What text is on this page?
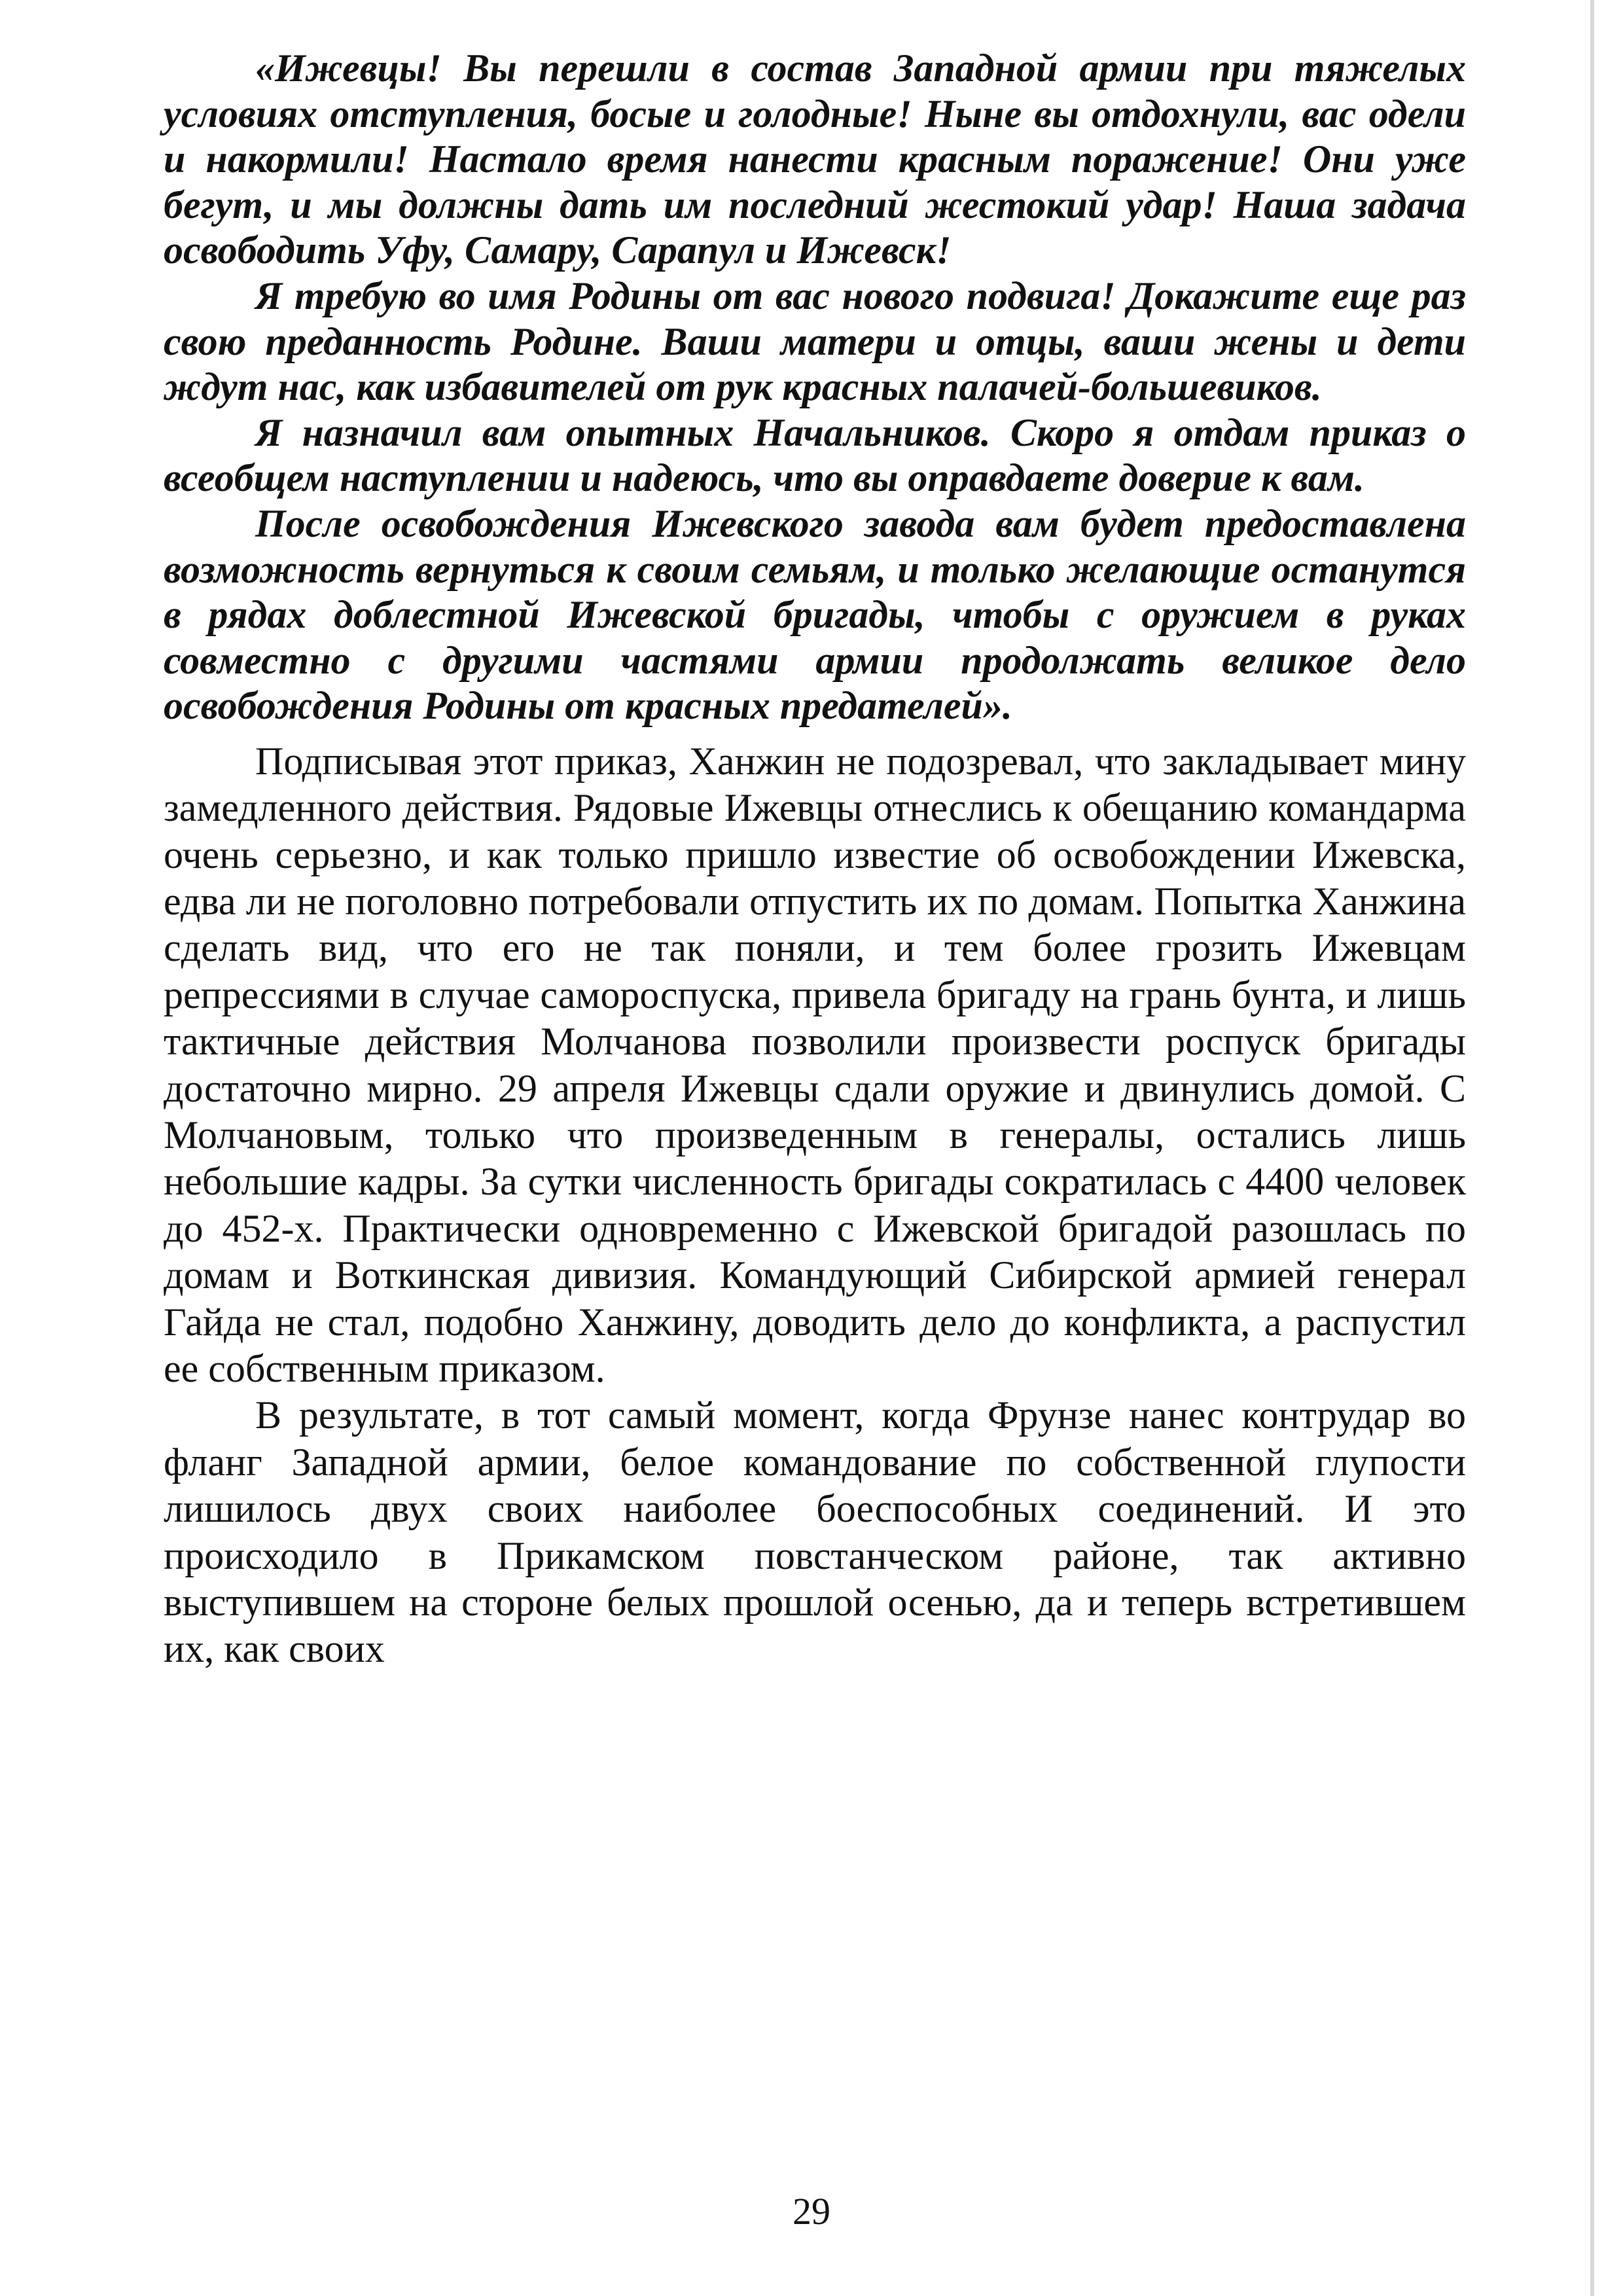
«Ижевцы! Вы перешли в состав Западной армии при тяжелых условиях отступления, босые и голодные! Ныне вы отдохнули, вас одели и накормили! Настало время нанести красным поражение! Они уже бегут, и мы должны дать им последний жестокий удар! Наша задача освободить Уфу, Самару, Сарапул и Ижевск!

Я требую во имя Родины от вас нового подвига! Докажите еще раз свою преданность Родине. Ваши матери и отцы, ваши жены и дети ждут нас, как избавителей от рук красных палачей-большевиков.

Я назначил вам опытных Начальников. Скоро я отдам приказ о всеобщем наступлении и надеюсь, что вы оправдаете доверие к вам.

После освобождения Ижевского завода вам будет предоставлена возможность вернуться к своим семьям, и только желающие останутся в рядах доблестной Ижевской бригады, чтобы с оружием в руках совместно с другими частями армии продолжать великое дело освобождения Родины от красных предателей».

Подписывая этот приказ, Ханжин не подозревал, что закладывает мину замедленного действия. Рядовые Ижевцы отнеслись к обещанию командарма очень серьезно, и как только пришло известие об освобождении Ижевска, едва ли не поголовно потребовали отпустить их по домам. Попытка Ханжина сделать вид, что его не так поняли, и тем более грозить Ижевцам репрессиями в случае самороспуска, привела бригаду на грань бунта, и лишь тактичные действия Молчанова позволили произвести роспуск бригады достаточно мирно. 29 апреля Ижевцы сдали оружие и двинулись домой. С Молчановым, только что произведенным в генералы, остались лишь небольшие кадры. За сутки численность бригады сократилась с 4400 человек до 452-х. Практически одновременно с Ижевской бригадой разошлась по домам и Воткинская дивизия. Командующий Сибирской армией генерал Гайда не стал, подобно Ханжину, доводить дело до конфликта, а распустил ее собственным приказом.

В результате, в тот самый момент, когда Фрунзе нанес контрудар во фланг Западной армии, белое командование по собственной глупости лишилось двух своих наиболее боеспособных соединений. И это происходило в Прикамском повстанческом районе, так активно выступившем на стороне белых прошлой осенью, да и теперь встретившем их, как своих

29
